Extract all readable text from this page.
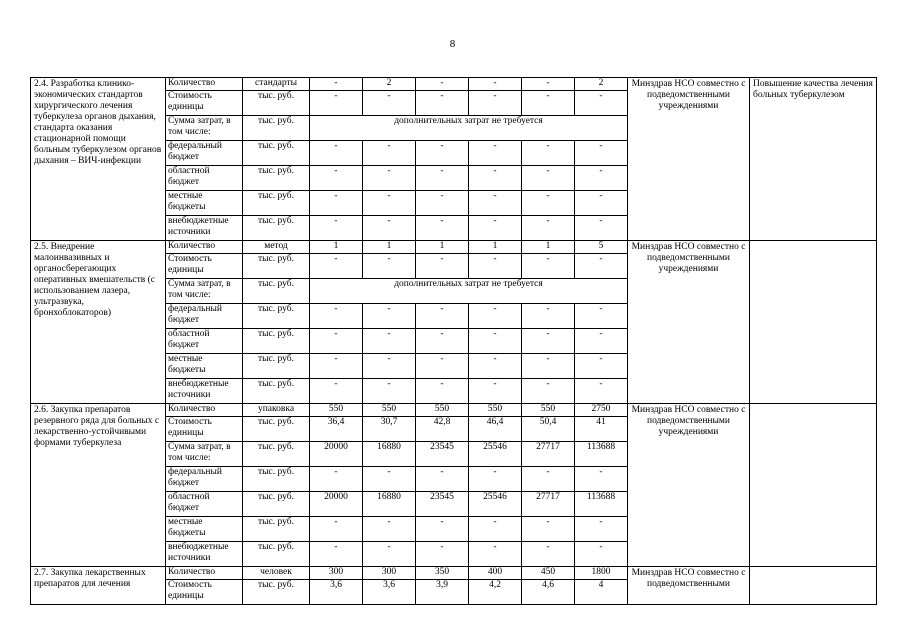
8
2.4. Разработка клинико-экономических стандартов хирургического лечения туберкулеза органов дыхания, стандарта оказания стационарной помощи больным туберкулезом органов дыхания – ВИЧ-инфекции	Количество	стандарты	-	2	-	-	-	2	Минздрав НСО совместно с подведомственными учреждениями	Повышение качества лечения больных туберкулезом
	Стоимость единицы	тыс. руб.	-	-	-	-	-	-		
	Сумма затрат, в том числе:	тыс. руб.	дополнительных затрат не требуется							
	федеральный бюджет	тыс. руб.	-	-	-	-	-	-		
	областной бюджет	тыс. руб.	-	-	-	-	-	-		
	местные бюджеты	тыс. руб.	-	-	-	-	-	-		
	внебюджетные источники	тыс. руб.	-	-	-	-	-	-		
2.5. Внедрение малоинвазивных и органосберегающих оперативных вмешательств (с использованием лазера, ультразвука, бронхоблокаторов)	Количество	метод	1	1	1	1	1	5	Минздрав НСО совместно с подведомственными учреждениями	
	Стоимость единицы	тыс. руб.	-	-	-	-	-	-		
	Сумма затрат, в том числе:	тыс. руб.	дополнительных затрат не требуется							
	федеральный бюджет	тыс. руб.	-	-	-	-	-	-		
	областной бюджет	тыс. руб.	-	-	-	-	-	-		
	местные бюджеты	тыс. руб.	-	-	-	-	-	-		
	внебюджетные источники	тыс. руб.	-	-	-	-	-	-		
2.6. Закупка препаратов резервного ряда для больных с лекарственно-устойчивыми формами туберкулеза	Количество	упаковка	550	550	550	550	550	2750	Минздрав НСО совместно с подведомственными учреждениями	
	Стоимость единицы	тыс. руб.	36,4	30,7	42,8	46,4	50,4	41		
	Сумма затрат, в том числе:	тыс. руб.	20000	16880	23545	25546	27717	113688		
	федеральный бюджет	тыс. руб.	-	-	-	-	-	-		
	областной бюджет	тыс. руб.	20000	16880	23545	25546	27717	113688		
	местные бюджеты	тыс. руб.	-	-	-	-	-	-		
	внебюджетные источники	тыс. руб.	-	-	-	-	-	-		
2.7. Закупка лекарственных препаратов для лечения	Количество	человек	300	300	350	400	450	1800	Минздрав НСО совместно с подведомственными	
	Стоимость единицы	тыс. руб.	3,6	3,6	3,9	4,2	4,6	4		
